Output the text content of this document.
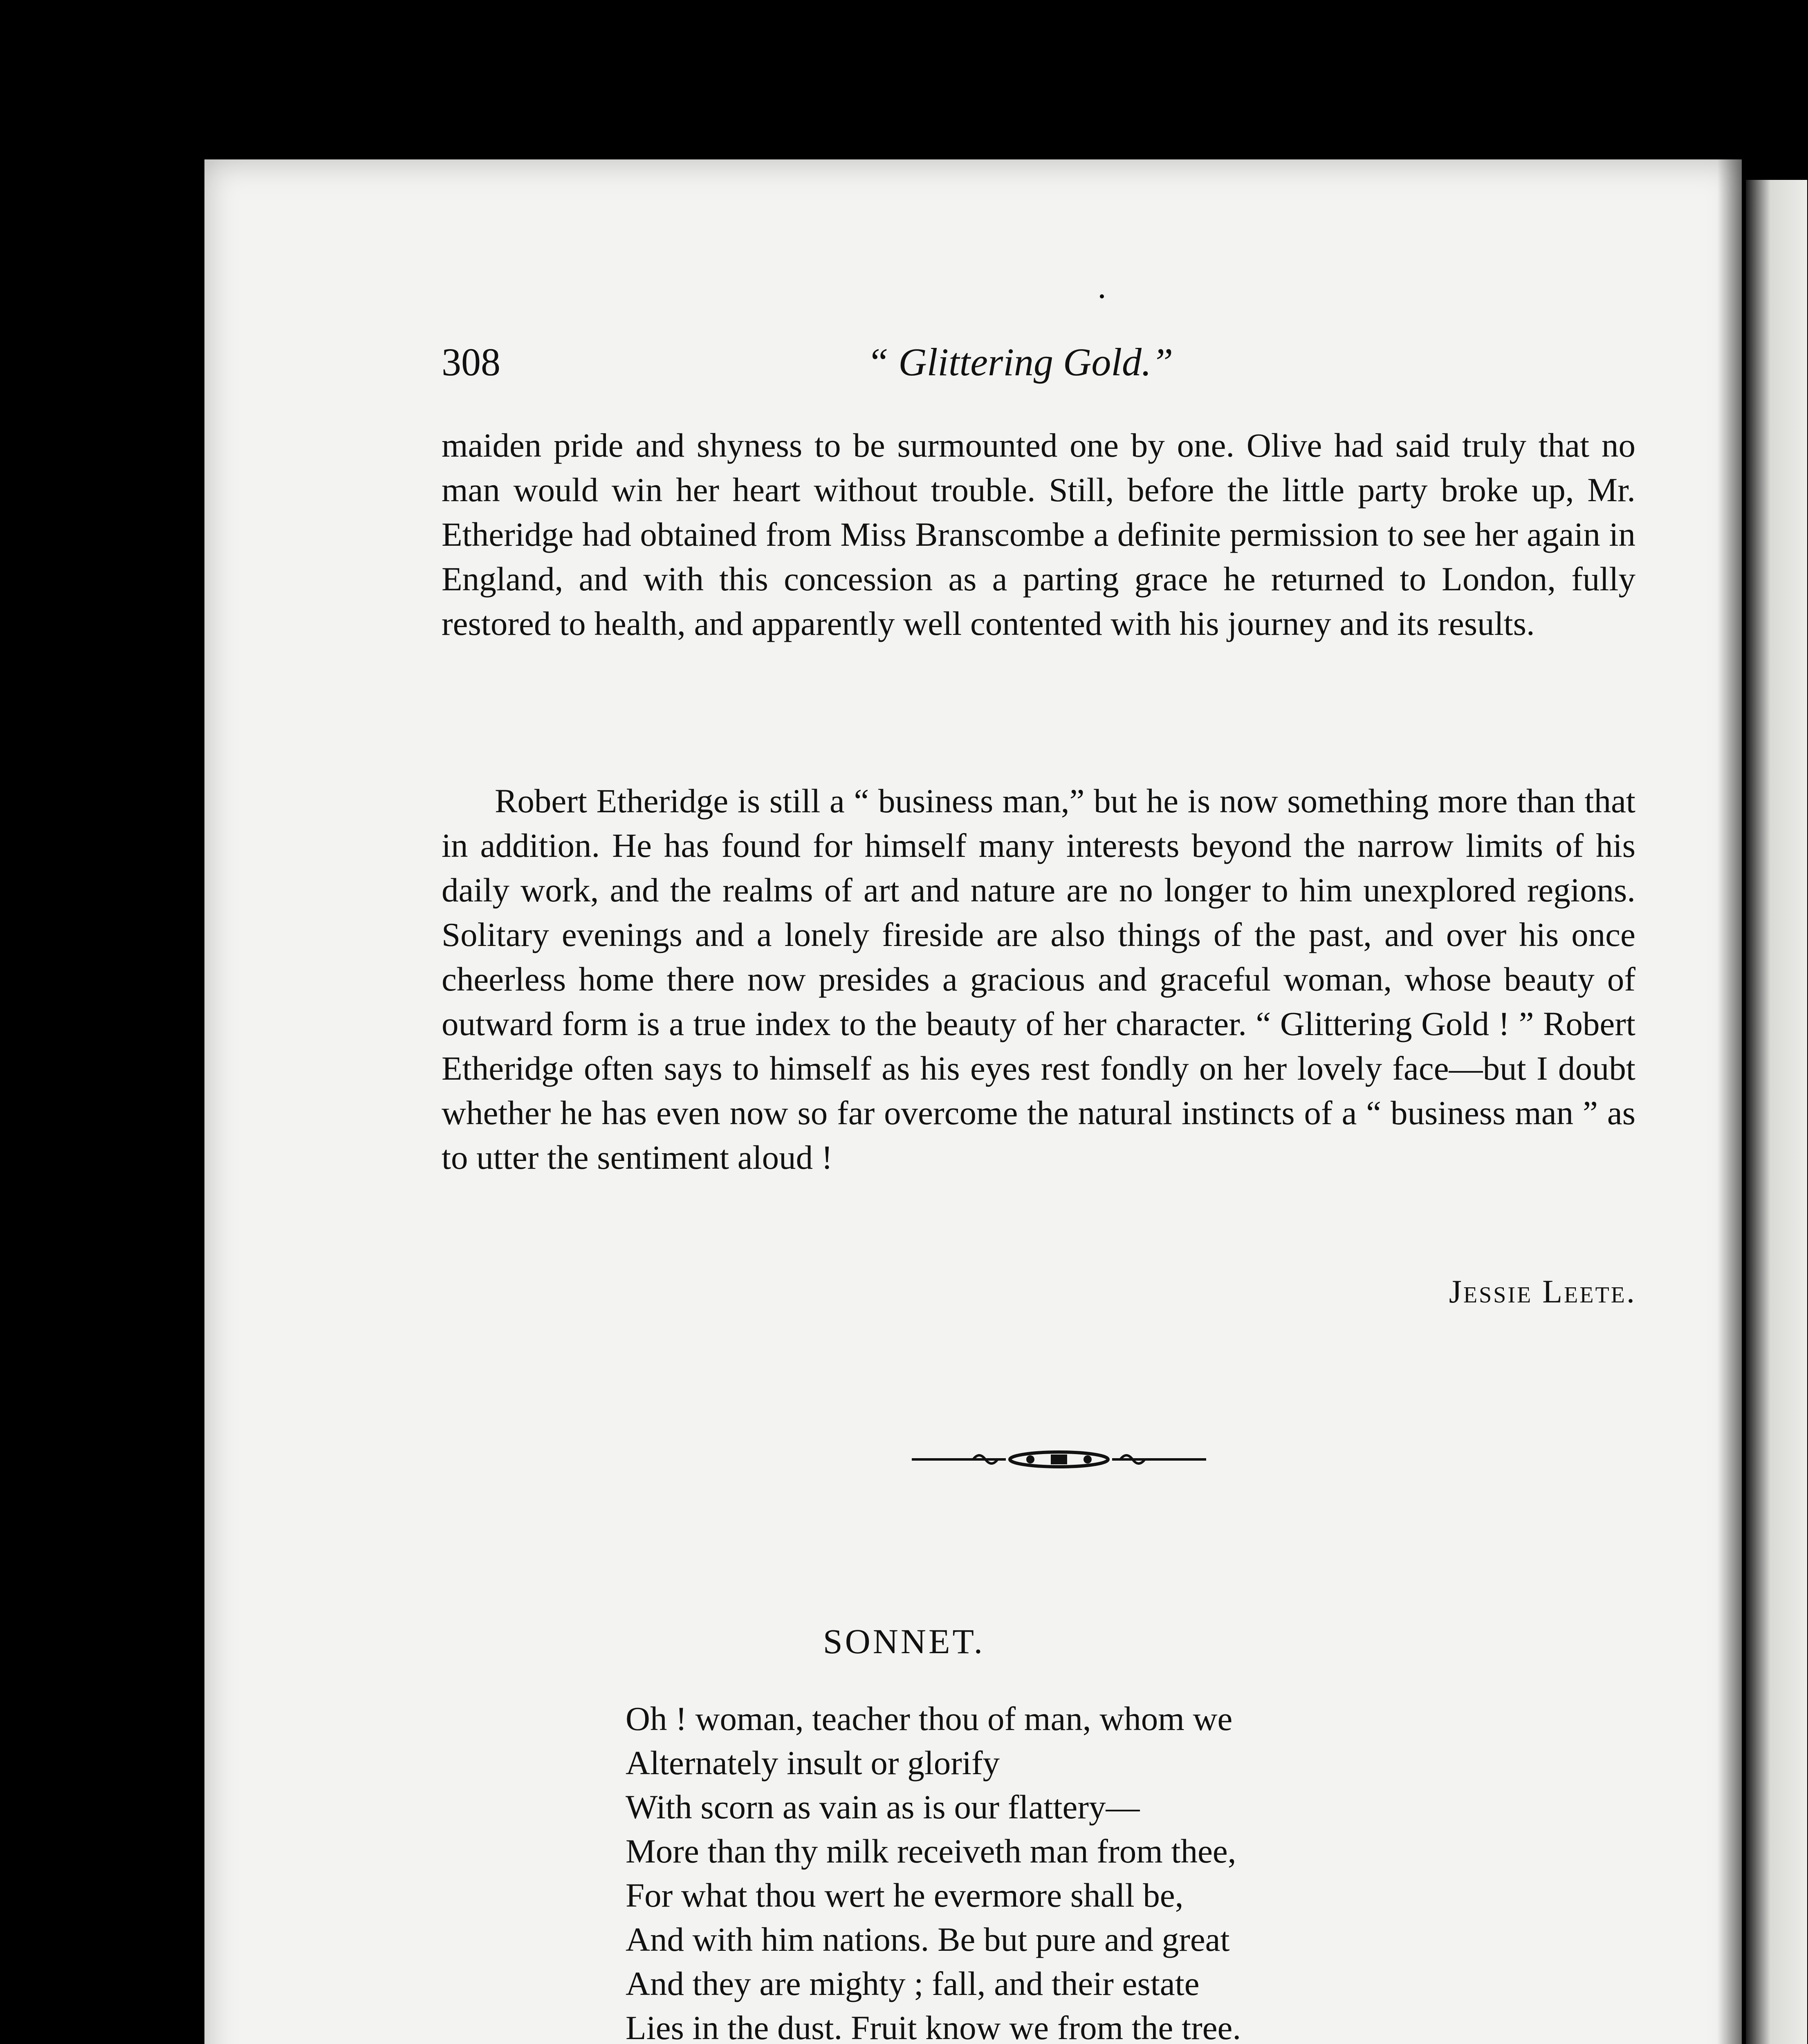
308	“ Glittering Gold.”

maiden pride and shyness to be surmounted one by one. Olive had said truly that no man would win her heart without trouble. Still, before the little party broke up, Mr. Etheridge had obtained from Miss Branscombe a definite permission to see her again in England, and with this concession as a parting grace he returned to London, fully restored to health, and apparently well contented with his journey and its results.

Robert Etheridge is still a “ business man,” but he is now something more than that in addition. He has found for himself many interests beyond the narrow limits of his daily work, and the realms of art and nature are no longer to him unexplored regions. Solitary evenings and a lonely fireside are also things of the past, and over his once cheerless home there now presides a gracious and graceful woman, whose beauty of outward form is a true index to the beauty of her character. “ Glittering Gold ! ” Robert Etheridge often says to himself as his eyes rest fondly on her lovely face—but I doubt whether he has even now so far overcome the natural instincts of a “ business man ” as to utter the sentiment aloud !

Jessie Leete.
SONNET.
Oh ! woman, teacher thou of man, whom we
Alternately insult or glorify
With scorn as vain as is our flattery—
More than thy milk receiveth man from thee,
For what thou wert he evermore shall be,
And with him nations. Be but pure and great
And they are mighty ; fall, and their estate
Lies in the dust. Fruit know we from the tree.
